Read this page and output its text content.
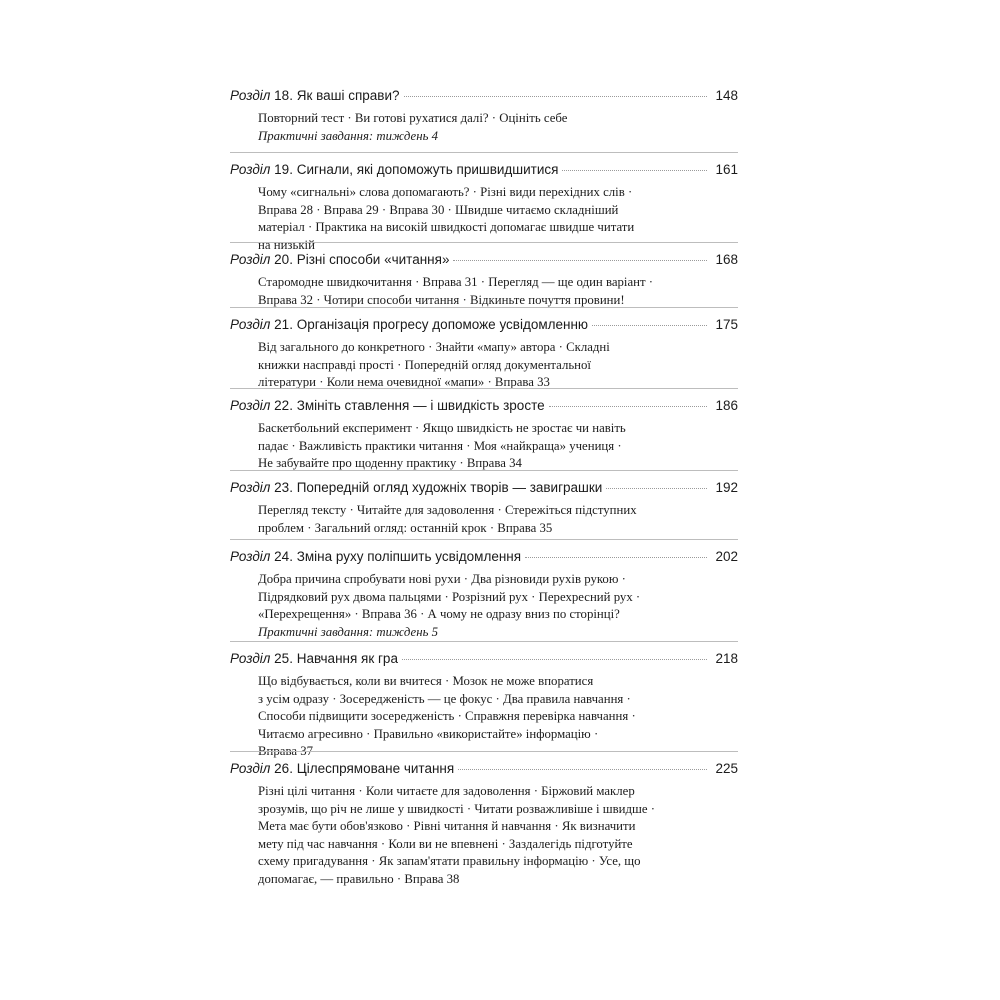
Розділ 18. Як ваші справи?	148
Повторний тест · Ви готові рухатися далі? · Оцініть себе
Практичні завдання: тиждень 4
Розділ 19. Сигнали, які допоможуть пришвидшитися	161
Чому «сигнальні» слова допомагають? · Різні види перехідних слів ·
Вправа 28 · Вправа 29 · Вправа 30 · Швидше читаємо складніший
матеріал · Практика на високій швидкості допомагає швидше читати
на низькій
Розділ 20. Різні способи «читання»	168
Старомодне швидкочитання · Вправа 31 · Перегляд — ще один варіант ·
Вправа 32 · Чотири способи читання · Відкиньте почуття провини!
Розділ 21. Організація прогресу допоможе усвідомленню	175
Від загального до конкретного · Знайти «мапу» автора · Складні
книжки насправді прості · Попередній огляд документальної
літератури · Коли нема очевидної «мапи» · Вправа 33
Розділ 22. Змініть ставлення — і швидкість зросте	186
Баскетбольний експеримент · Якщо швидкість не зростає чи навіть
падає · Важливість практики читання · Моя «найкраща» учениця ·
Не забувайте про щоденну практику · Вправа 34
Розділ 23. Попередній огляд художніх творів — завиграшки	192
Перегляд тексту · Читайте для задоволення · Стережіться підступних
проблем · Загальний огляд: останній крок · Вправа 35
Розділ 24. Зміна руху поліпшить усвідомлення	202
Добра причина спробувати нові рухи · Два різновиди рухів рукою ·
Підрядковий рух двома пальцями · Розрізний рух · Перехресний рух ·
«Перехрещення» · Вправа 36 · А чому не одразу вниз по сторінці?
Практичні завдання: тиждень 5
Розділ 25. Навчання як гра	218
Що відбувається, коли ви вчитеся · Мозок не може впоратися
з усім одразу · Зосередженість — це фокус · Два правила навчання ·
Способи підвищити зосередженість · Справжня перевірка навчання ·
Читаємо агресивно · Правильно «використайте» інформацію ·
Вправа 37
Розділ 26. Цілеспрямоване читання	225
Різні цілі читання · Коли читаєте для задоволення · Біржовий маклер
зрозумів, що річ не лише у швидкості · Читати розважливіше і швидше ·
Мета має бути обов'язково · Рівні читання й навчання · Як визначити
мету під час навчання · Коли ви не впевнені · Заздалегідь підготуйте
схему пригадування · Як запам'ятати правильну інформацію · Усе, що
допомагає, — правильно · Вправа 38
